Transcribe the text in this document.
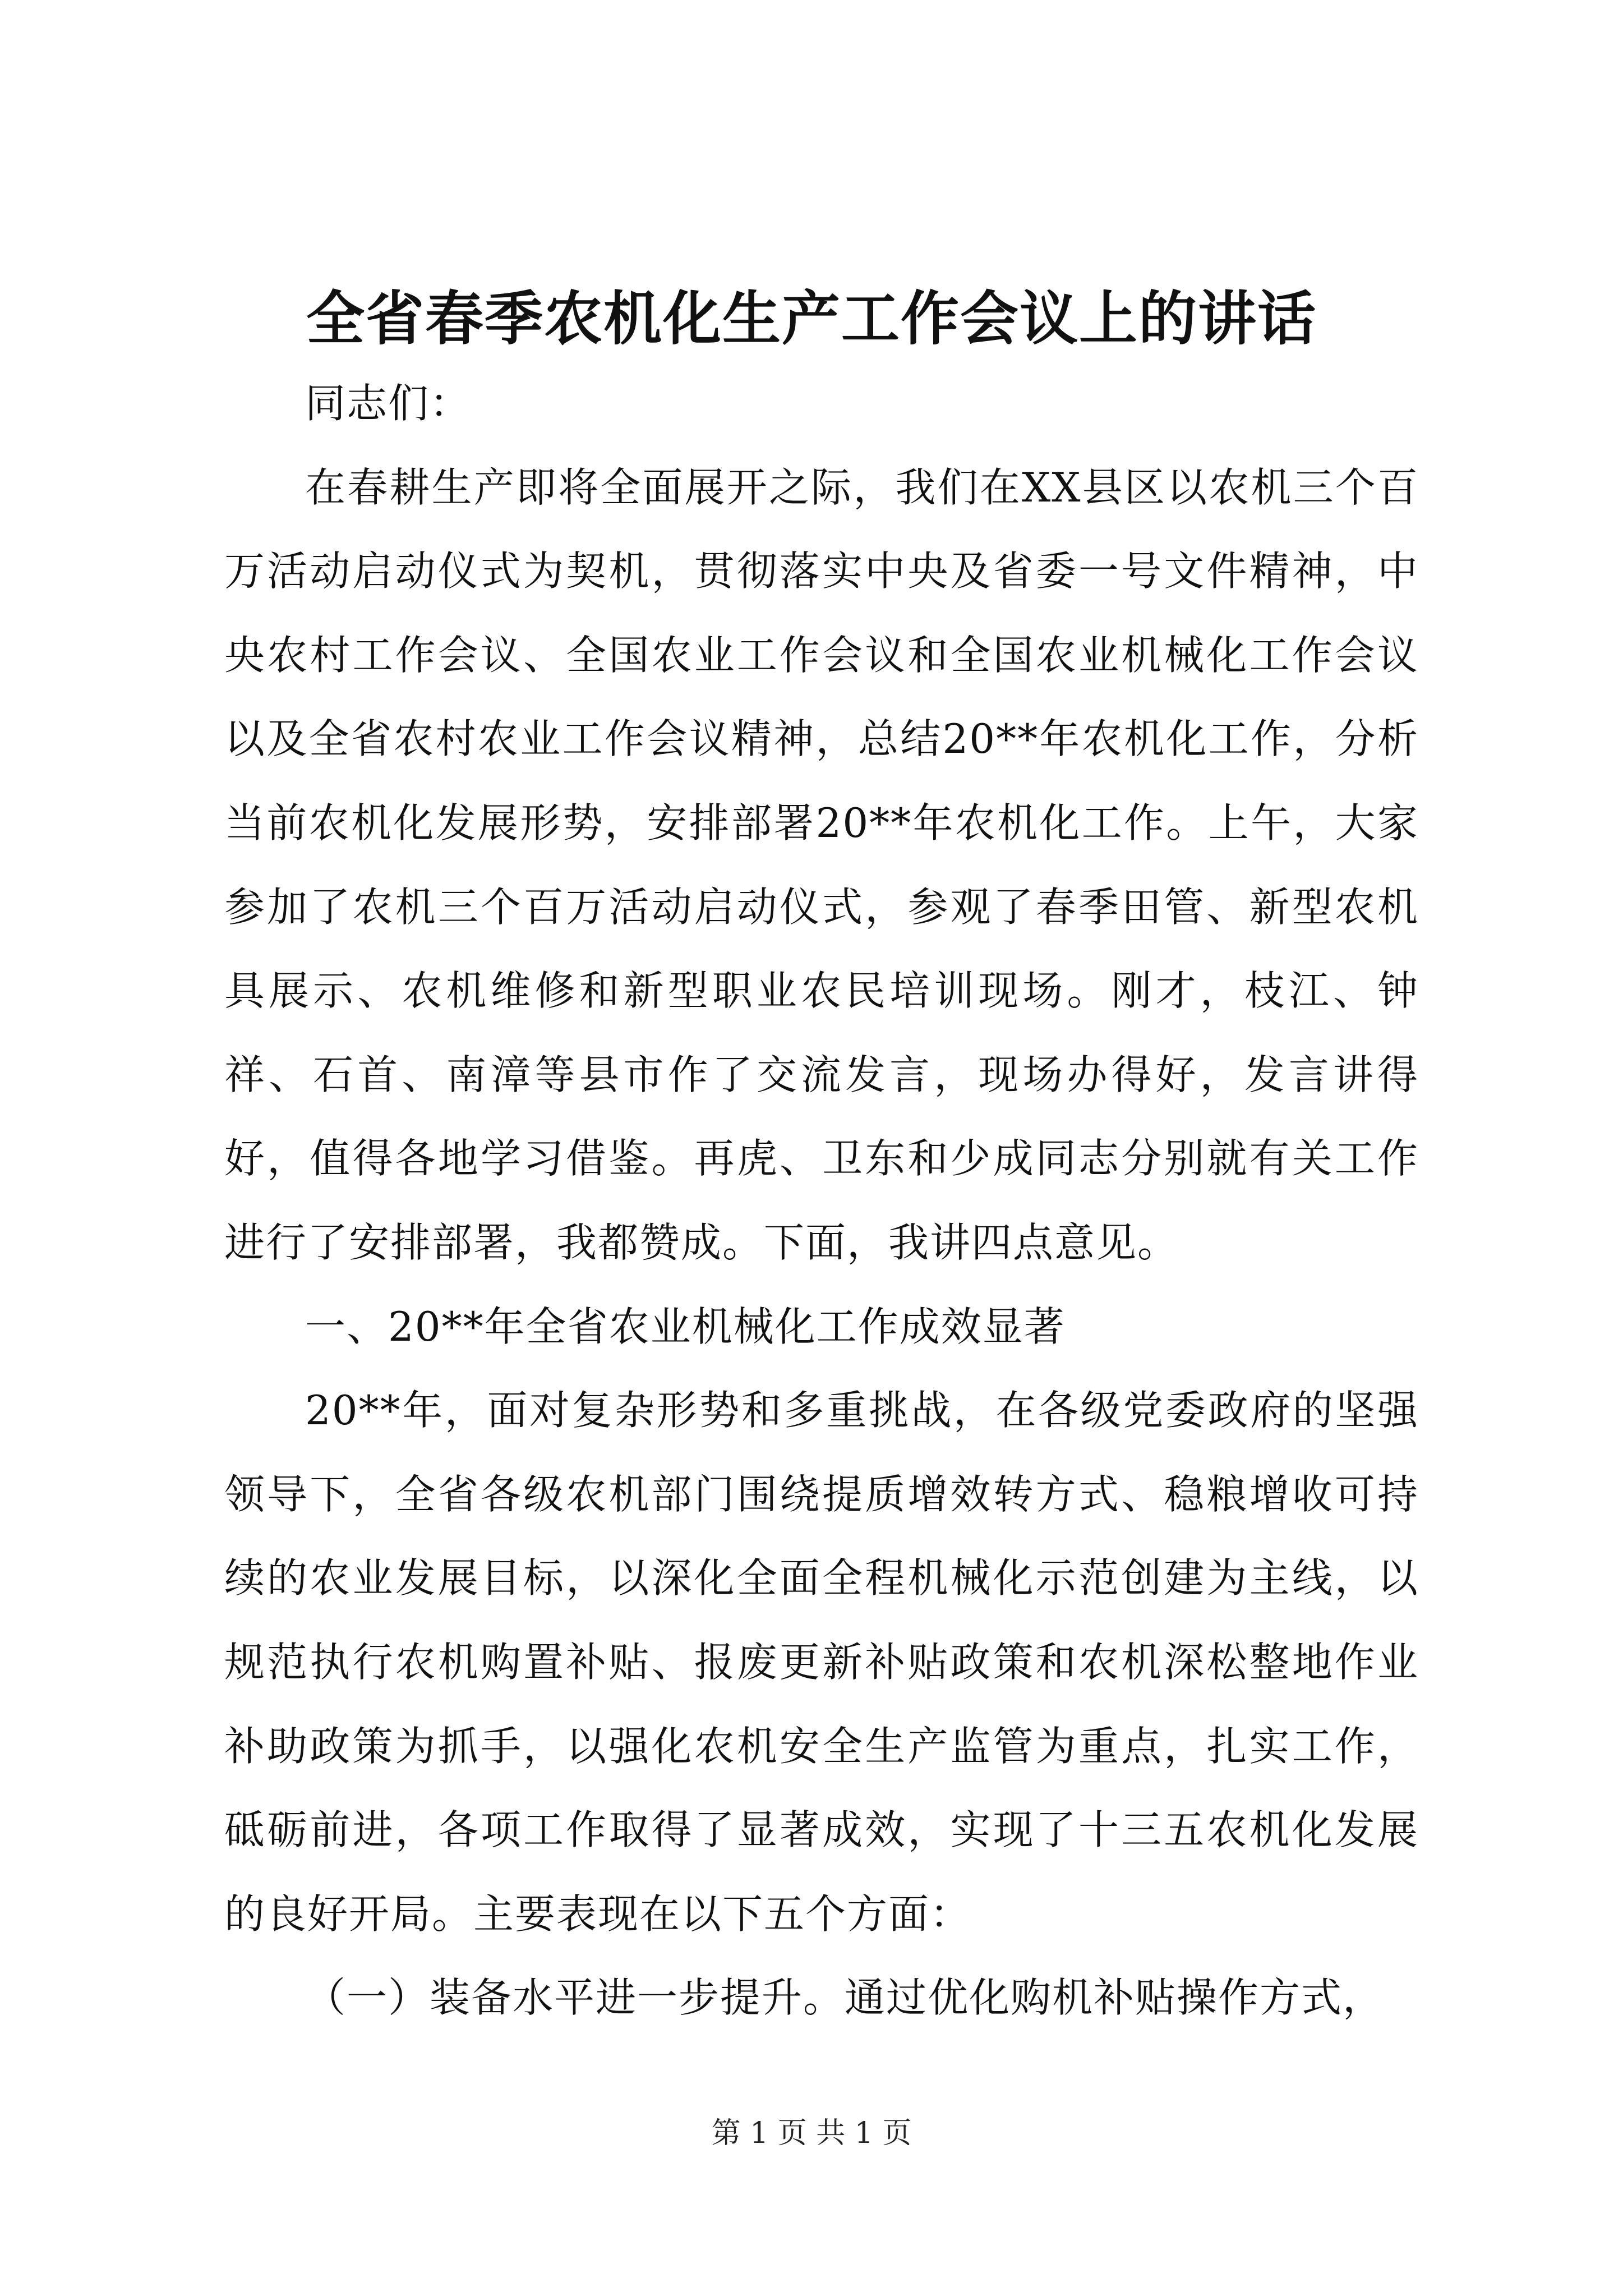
全省春季农机化生产工作会议上的讲话

同志们：

在春耕生产即将全面展开之际，我们在XX县区以农机三个百万活动启动仪式为契机，贯彻落实中央及省委一号文件精神，中央农村工作会议、全国农业工作会议和全国农业机械化工作会议以及全省农村农业工作会议精神，总结20**年农机化工作，分析当前农机化发展形势，安排部署20**年农机化工作。上午，大家参加了农机三个百万活动启动仪式，参观了春季田管、新型农机具展示、农机维修和新型职业农民培训现场。刚才，枝江、钟祥、石首、南漳等县市作了交流发言，现场办得好，发言讲得好，值得各地学习借鉴。再虎、卫东和少成同志分别就有关工作进行了安排部署，我都赞成。下面，我讲四点意见。

一、20**年全省农业机械化工作成效显著

20**年，面对复杂形势和多重挑战，在各级党委政府的坚强领导下，全省各级农机部门围绕提质增效转方式、稳粮增收可持续的农业发展目标，以深化全面全程机械化示范创建为主线，以规范执行农机购置补贴、报废更新补贴政策和农机深松整地作业补助政策为抓手，以强化农机安全生产监管为重点，扎实工作，砥砺前进，各项工作取得了显著成效，实现了十三五农机化发展的良好开局。主要表现在以下五个方面：

（一）装备水平进一步提升。通过优化购机补贴操作方式，

第 1 页 共 1 页
